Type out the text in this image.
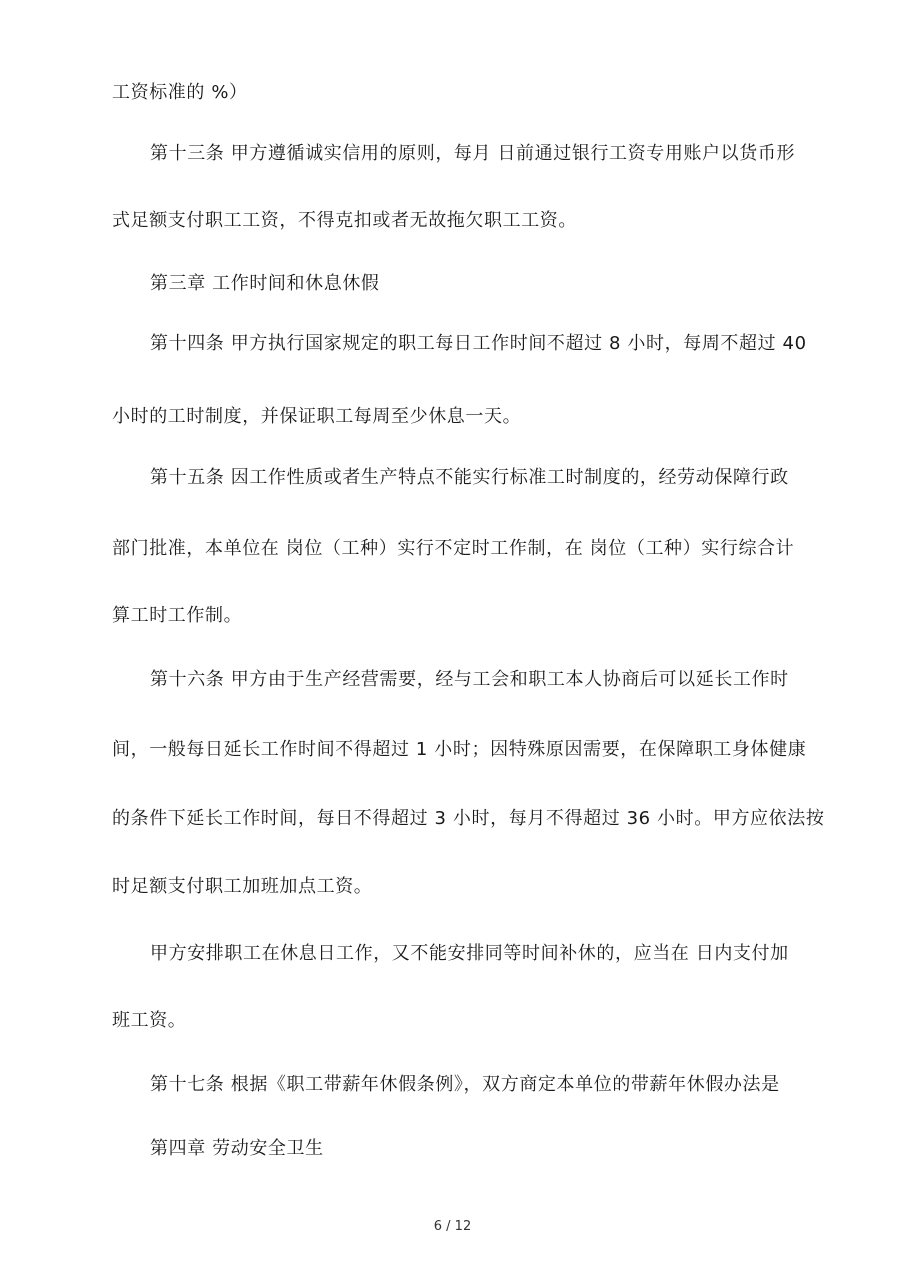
工资标准的 %）
第十三条 甲方遵循诚实信用的原则，每月 日前通过银行工资专用账户以货币形
式足额支付职工工资，不得克扣或者无故拖欠职工工资。
第三章 工作时间和休息休假
第十四条 甲方执行国家规定的职工每日工作时间不超过 8 小时，每周不超过 40
小时的工时制度，并保证职工每周至少休息一天。
第十五条 因工作性质或者生产特点不能实行标准工时制度的，经劳动保障行政
部门批准，本单位在 岗位（工种）实行不定时工作制，在 岗位（工种）实行综合计
算工时工作制。
第十六条 甲方由于生产经营需要，经与工会和职工本人协商后可以延长工作时
间，一般每日延长工作时间不得超过 1 小时；因特殊原因需要，在保障职工身体健康
的条件下延长工作时间，每日不得超过 3 小时，每月不得超过 36 小时。甲方应依法按
时足额支付职工加班加点工资。
甲方安排职工在休息日工作，又不能安排同等时间补休的，应当在 日内支付加
班工资。
第十七条 根据《职工带薪年休假条例》，双方商定本单位的带薪年休假办法是
第四章 劳动安全卫生
6 / 12
